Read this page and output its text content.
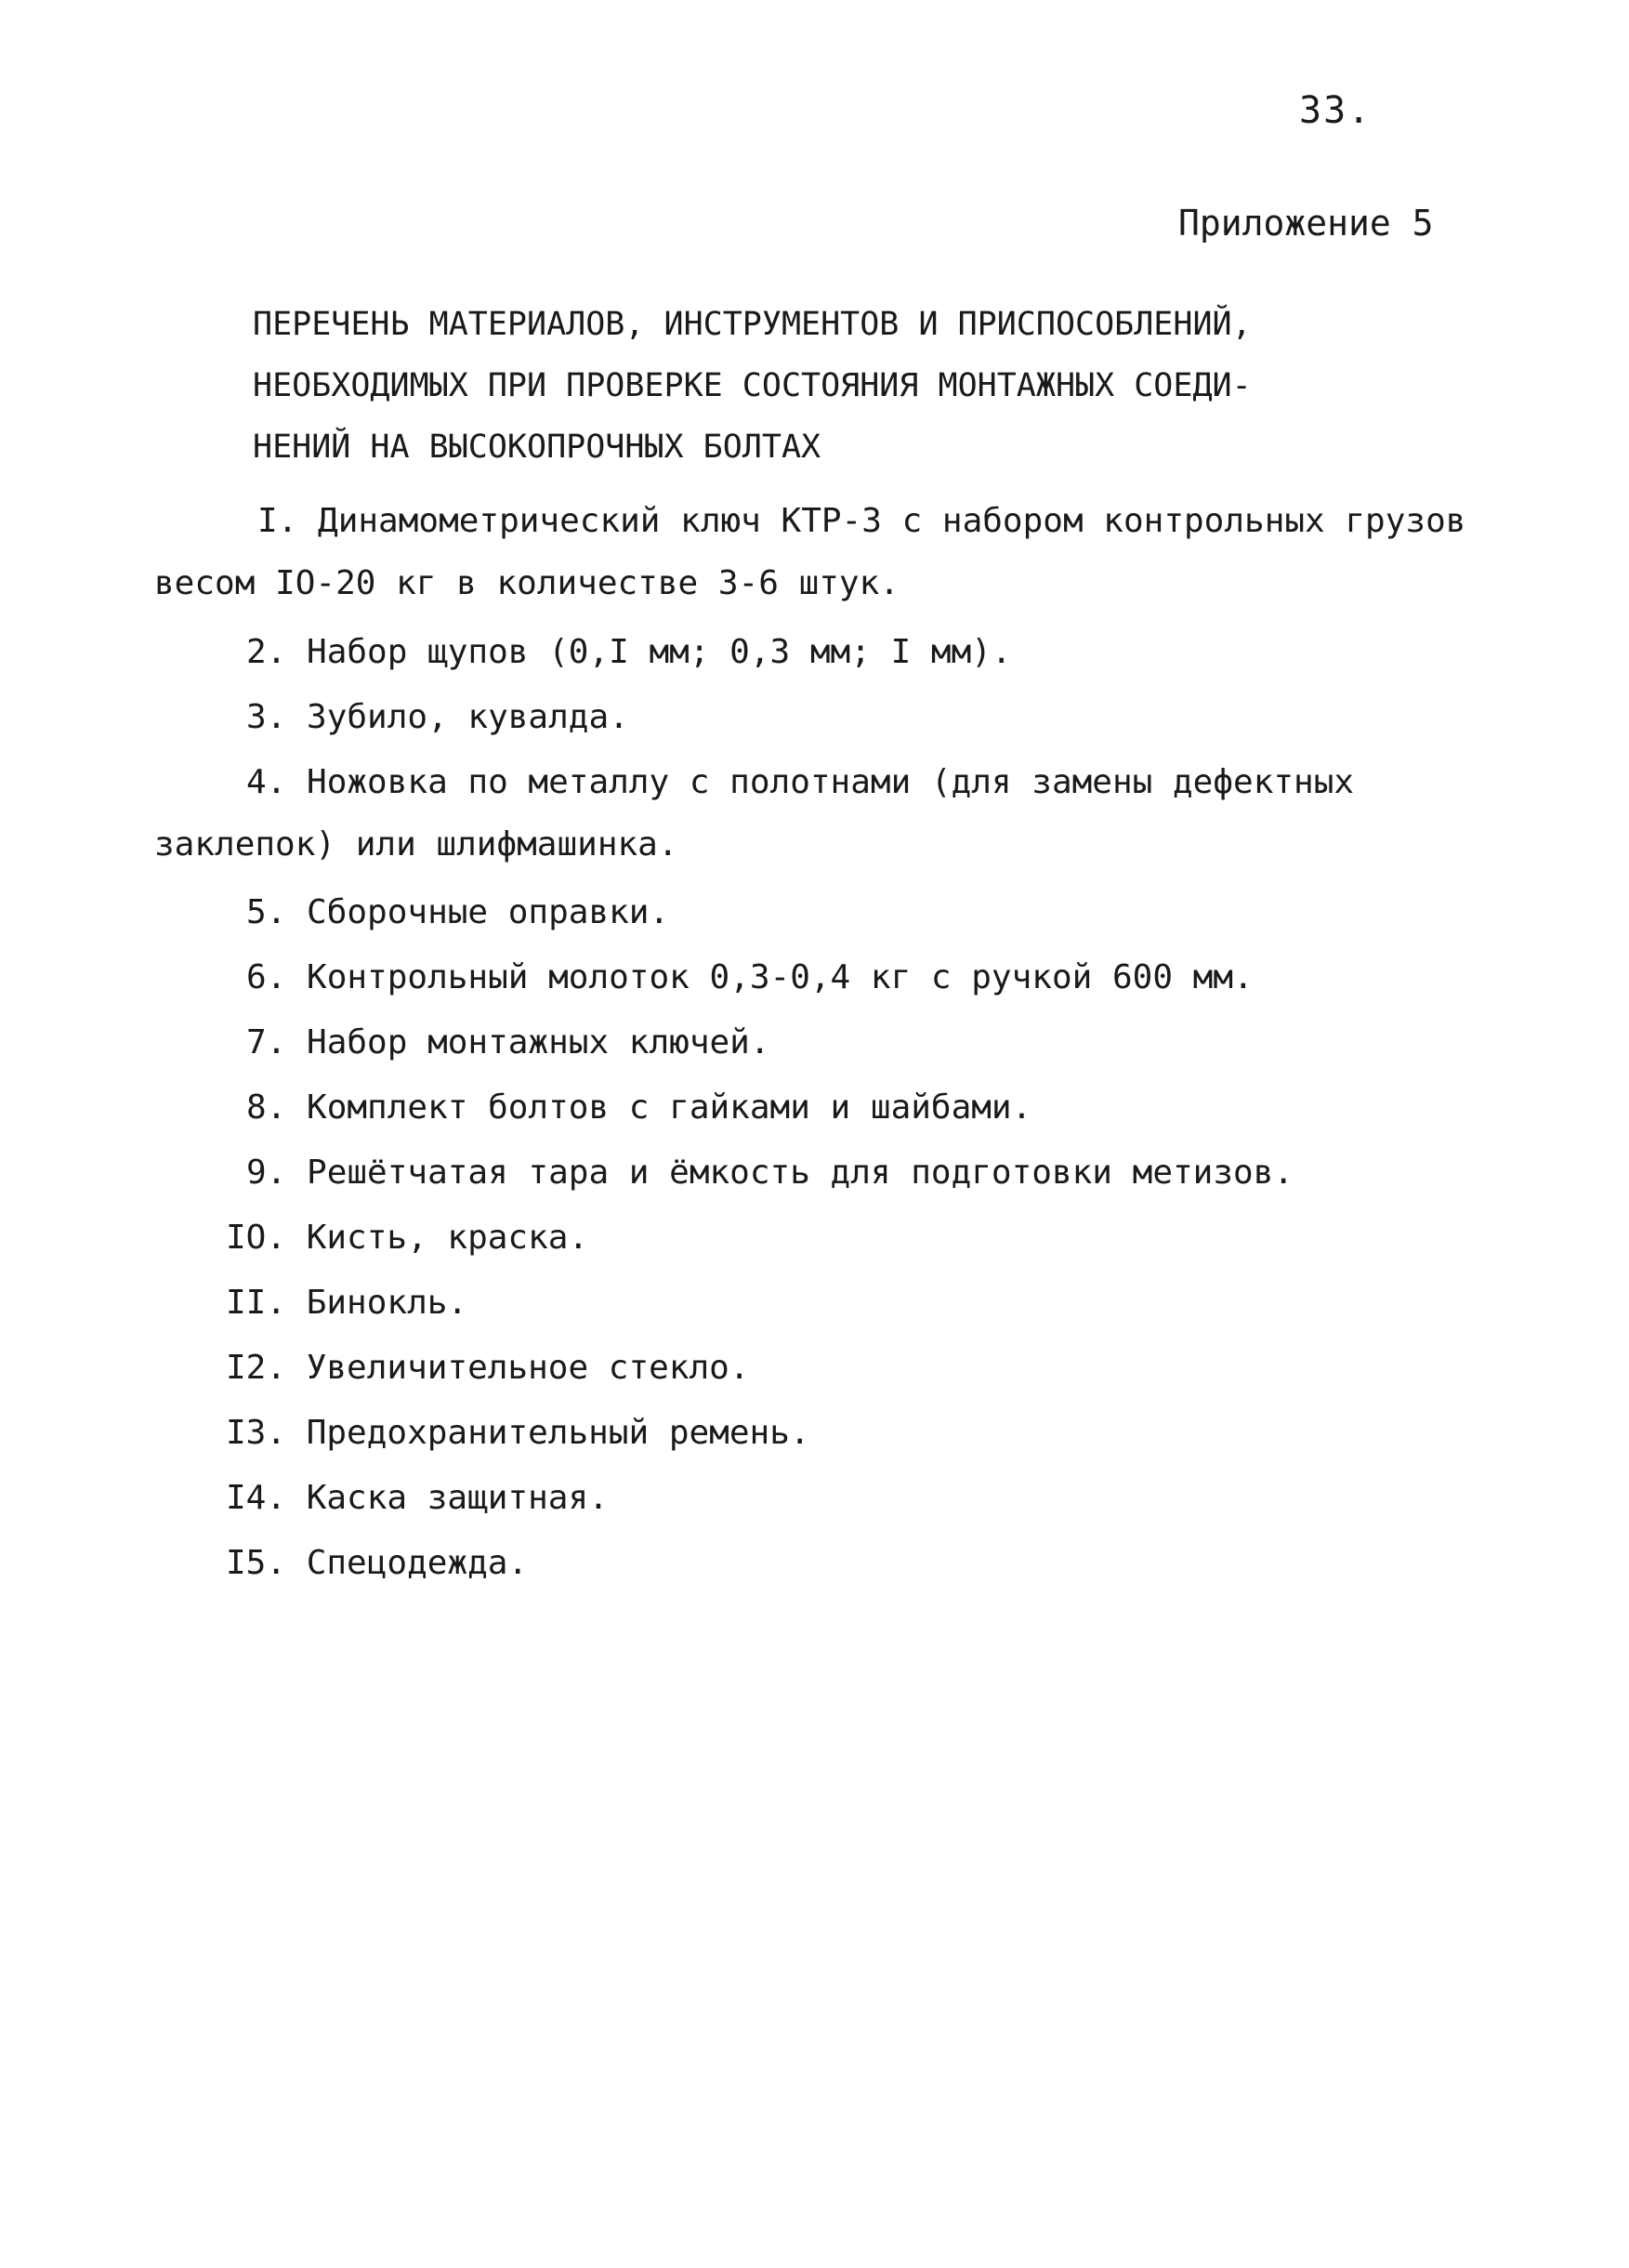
33.
Приложение 5
ПЕРЕЧЕНЬ МАТЕРИАЛОВ, ИНСТРУМЕНТОВ И ПРИСПОСОБЛЕНИЙ,
НЕОБХОДИМЫХ ПРИ ПРОВЕРКЕ СОСТОЯНИЯ МОНТАЖНЫХ СОЕДИ-
НЕНИЙ НА ВЫСОКОПРОЧНЫХ БОЛТАХ
I. Динамометрический ключ КТР-3 с набором контрольных грузов
весом IO-20 кг в количестве 3-6 штук.
2. Набор щупов (0,I мм; 0,3 мм; I мм).
3. Зубило, кувалда.
4. Ножовка по металлу с полотнами (для замены дефектных
заклепок) или шлифмашинка.
5. Сборочные оправки.
6. Контрольный молоток 0,3-0,4 кг с ручкой 600 мм.
7. Набор монтажных ключей.
8. Комплект болтов с гайками и шайбами.
9. Решётчатая тара и ёмкость для подготовки метизов.
IO. Кисть, краска.
II. Бинокль.
I2. Увеличительное стекло.
I3. Предохранительный ремень.
I4. Каска защитная.
I5. Спецодежда.
